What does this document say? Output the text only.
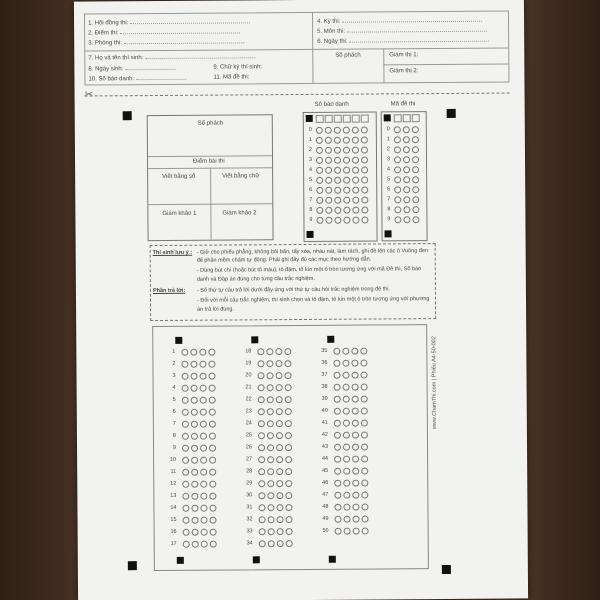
1. Hội đồng thi:
2. Điểm thi:
3. Phòng thi:
7. Họ và tên thí sinh:
8. Ngày sinh:	9. Chữ ký thí sinh:
10. Số báo danh:	11. Mã đề thi:
4. Kỳ thi:
5. Môn thi:
6. Ngày thi:
Số phách	Giám thị 1:
Giám thị 2:
✂
Số phách
Điểm bài thi
Viết bằng số	Viết bằng chữ
Giám khảo 1	Giám khảo 2
Số báo danh	Mã đề thi
0
1
2
3
4
5
6
7
8
9
0
1
2
3
4
5
6
7
8
9
Thí sinh lưu ý : - Giữ cho phiếu phẳng, không bôi bẩn, tẩy xóa, nhàu nát, làm rách, ghi đè lên các ô Vuông đen
để phần mềm chấm tự động. Phải ghi đầy đủ các mục theo hướng dẫn.
- Dùng bút chì (hoặc bút tô màu), tô đậm, tô kín một ô tròn tương ứng với mã Đề thi, Số báo
danh và Đáp án đúng cho từng câu trắc nghiệm.
Phần trả lời: - Số thứ tự câu trả lời dưới đây ứng với thứ tự câu hỏi trắc nghiệm trong đề thi.
- Đối với mỗi câu trắc nghiệm, thí sinh chọn và tô đậm, tô kín một ô tròn tương ứng với phương
án trả lời đúng.
1
2
3
4
5
6
7
8
9
10
11
12
13
14
15
16
17
18
19
20
21
22
23
24
25
26
27
28
29
30
31
32
33
34
35
36
37
38
39
40
41
42
43
44
45
46
47
48
49
50
www.ChamThi.com | Phiếu A4-50-002
